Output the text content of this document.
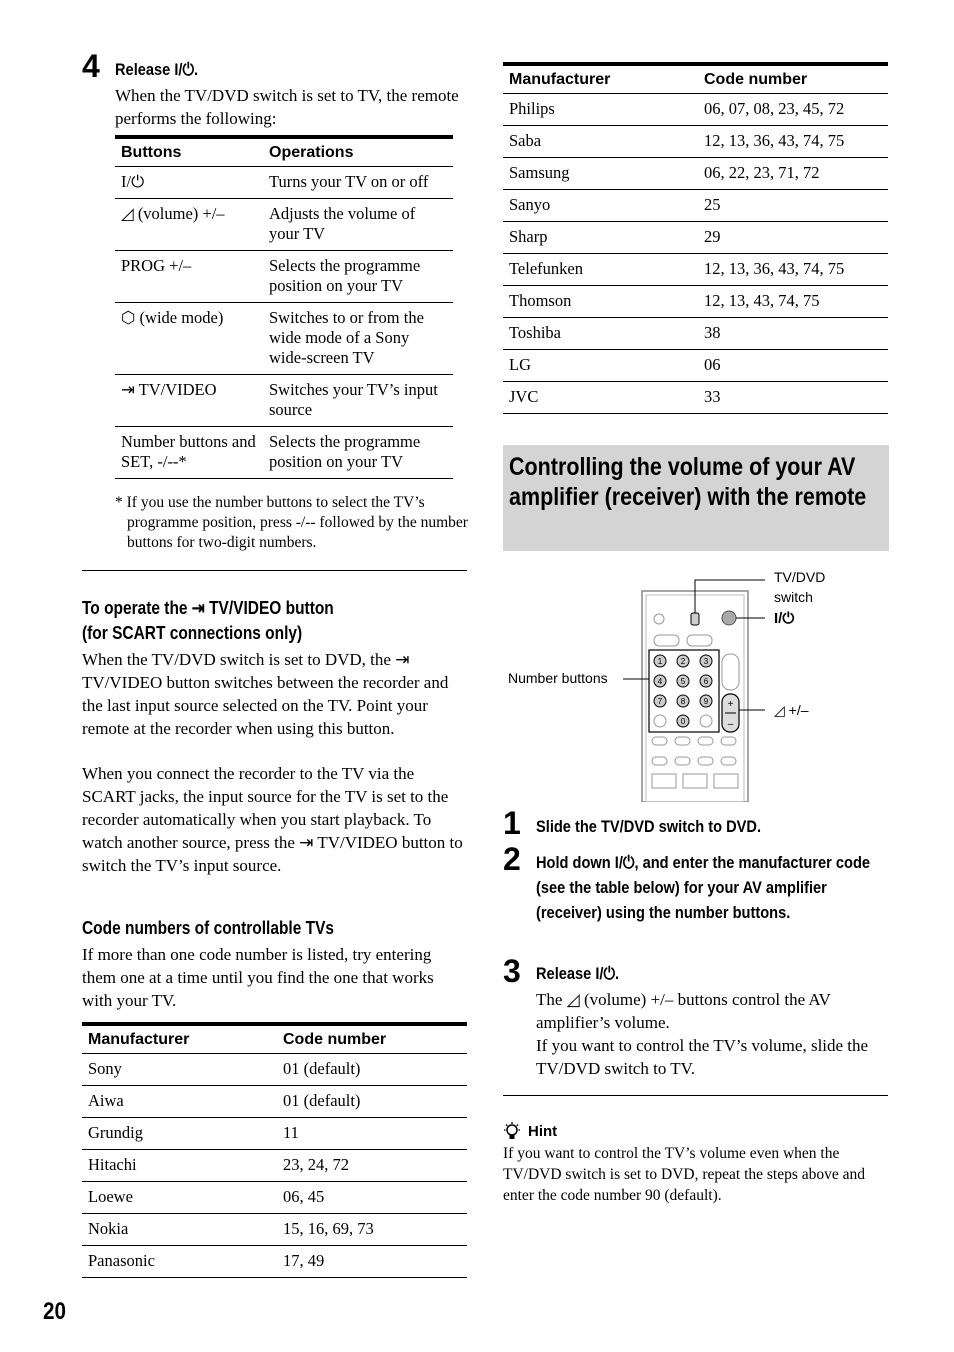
4 Release I/⏻.
When the TV/DVD switch is set to TV, the remote performs the following:
Buttons	Operations
I/⏻	Turns your TV on or off
◿ (volume) +/–	Adjusts the volume of your TV
PROG +/–	Selects the programme position on your TV
⬡ (wide mode)	Switches to or from the wide mode of a Sony wide-screen TV
⇥ TV/VIDEO	Switches your TV’s input source
Number buttons and SET, -/--*	Selects the programme position on your TV
* If you use the number buttons to select the TV’s programme position, press -/-- followed by the number buttons for two-digit numbers.
To operate the ⇥ TV/VIDEO button
(for SCART connections only)
When the TV/DVD switch is set to DVD, the ⇥ TV/VIDEO button switches between the recorder and the last input source selected on the TV. Point your remote at the recorder when using this button.
When you connect the recorder to the TV via the SCART jacks, the input source for the TV is set to the recorder automatically when you start playback. To watch another source, press the ⇥ TV/VIDEO button to switch the TV’s input source.
Code numbers of controllable TVs
If more than one code number is listed, try entering them one at a time until you find the one that works with your TV.
Manufacturer	Code number
Sony	01 (default)
Aiwa	01 (default)
Grundig	11
Hitachi	23, 24, 72
Loewe	06, 45
Nokia	15, 16, 69, 73
Panasonic	17, 49
20
Manufacturer	Code number
Philips	06, 07, 08, 23, 45, 72
Saba	12, 13, 36, 43, 74, 75
Samsung	06, 22, 23, 71, 72
Sanyo	25
Sharp	29
Telefunken	12, 13, 36, 43, 74, 75
Thomson	12, 13, 43, 74, 75
Toshiba	38
LG	06
JVC	33
Controlling the volume of your AV amplifier (receiver) with the remote
1 2 3
4 5 6
7 8 9
0
+
–
TV/DVD
switch
I/⏻
Number buttons
◿ +/–
1 Slide the TV/DVD switch to DVD.
2 Hold down I/⏻, and enter the manufacturer code (see the table below) for your AV amplifier (receiver) using the number buttons.
3 Release I/⏻.
The ◿ (volume) +/– buttons control the AV amplifier’s volume.
If you want to control the TV’s volume, slide the TV/DVD switch to TV.
Hint
If you want to control the TV’s volume even when the TV/DVD switch is set to DVD, repeat the steps above and enter the code number 90 (default).
